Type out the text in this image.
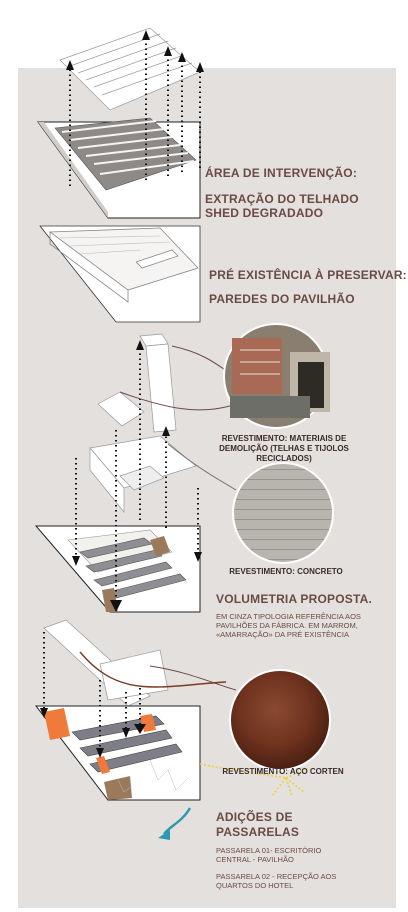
ÁREA DE INTERVENÇÃO:
EXTRAÇÃO DO TELHADO SHED DEGRADADO
PRÉ EXISTÊNCIA À PRESERVAR:
PAREDES DO PAVILHÃO
REVESTIMENTO: MATERIAIS DE DEMOLIÇÃO (TELHAS E TIJOLOS RECICLADOS)
REVESTIMENTO: CONCRETO
VOLUMETRIA PROPOSTA.
EM CINZA TIPOLOGIA REFERÊNCIA AOS PAVILHÕES DA FÁBRICA. EM MARROM, «AMARRAÇÃO» DA PRÉ EXISTÊNCIA
REVESTIMENTO: AÇO CORTEN
ADIÇÕES DE PASSARELAS
PASSARELA 01- ESCRITÓRIO CENTRAL - PAVILHÃO
PASSARELA 02 - RECEPÇÃO AOS QUARTOS DO HOTEL
